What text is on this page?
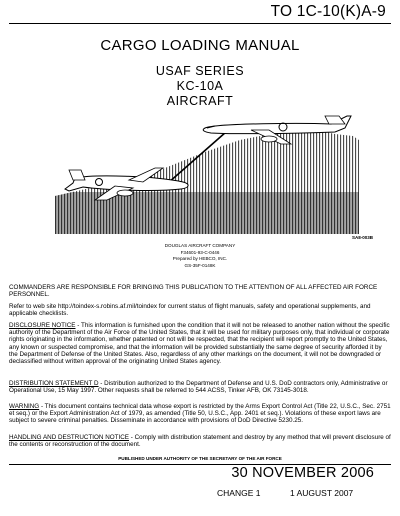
TO 1C-10(K)A-9
CARGO LOADING MANUAL
USAF SERIES
KC-10A
AIRCRAFT
SA8-003B
DOUGLAS AIRCRAFT COMPANY
F34601-93-C-0446
Prepared by HEBCO, INC.
GS-35F-0148K

COMMANDERS ARE RESPONSIBLE FOR BRINGING THIS PUBLICATION TO THE ATTENTION OF ALL AFFECTED AIR FORCE PERSONNEL.

Refer to web site http://toindex-s.robins.af.mil/toindex for current status of flight manuals, safety and operational supplements, and applicable checklists.

DISCLOSURE NOTICE - This information is furnished upon the condition that it will not be released to another nation without the specific authority of the Department of the Air Force of the United States, that it will be used for military purposes only, that individual or corporate rights originating in the information, whether patented or not will be respected, that the recipient will report promptly to the United States, any known or suspected compromise, and that the information will be provided substantially the same degree of security afforded it by the Department of Defense of the United States. Also, regardless of any other markings on the document, it will not be downgraded or declassified without written approval of the originating United States agency.

DISTRIBUTION STATEMENT D - Distribution authorized to the Department of Defense and U.S. DoD contractors only, Administrative or Operational Use, 15 May 1997. Other requests shall be referred to 544 ACSS, Tinker AFB, OK 73145-3018.

WARNING - This document contains technical data whose export is restricted by the Arms Export Control Act (Title 22, U.S.C., Sec. 2751 et seq.) or the Export Administration Act of 1979, as amended (Title 50, U.S.C., App. 2401 et seq.). Violations of these export laws are subject to severe criminal penalties. Disseminate in accordance with provisions of DoD Directive 5230.25.

HANDLING AND DESTRUCTION NOTICE - Comply with distribution statement and destroy by any method that will prevent disclosure of the contents or reconstruction of the document.

PUBLISHED UNDER AUTHORITY OF THE SECRETARY OF THE AIR FORCE
30 NOVEMBER 2006
CHANGE 1	1 AUGUST 2007
